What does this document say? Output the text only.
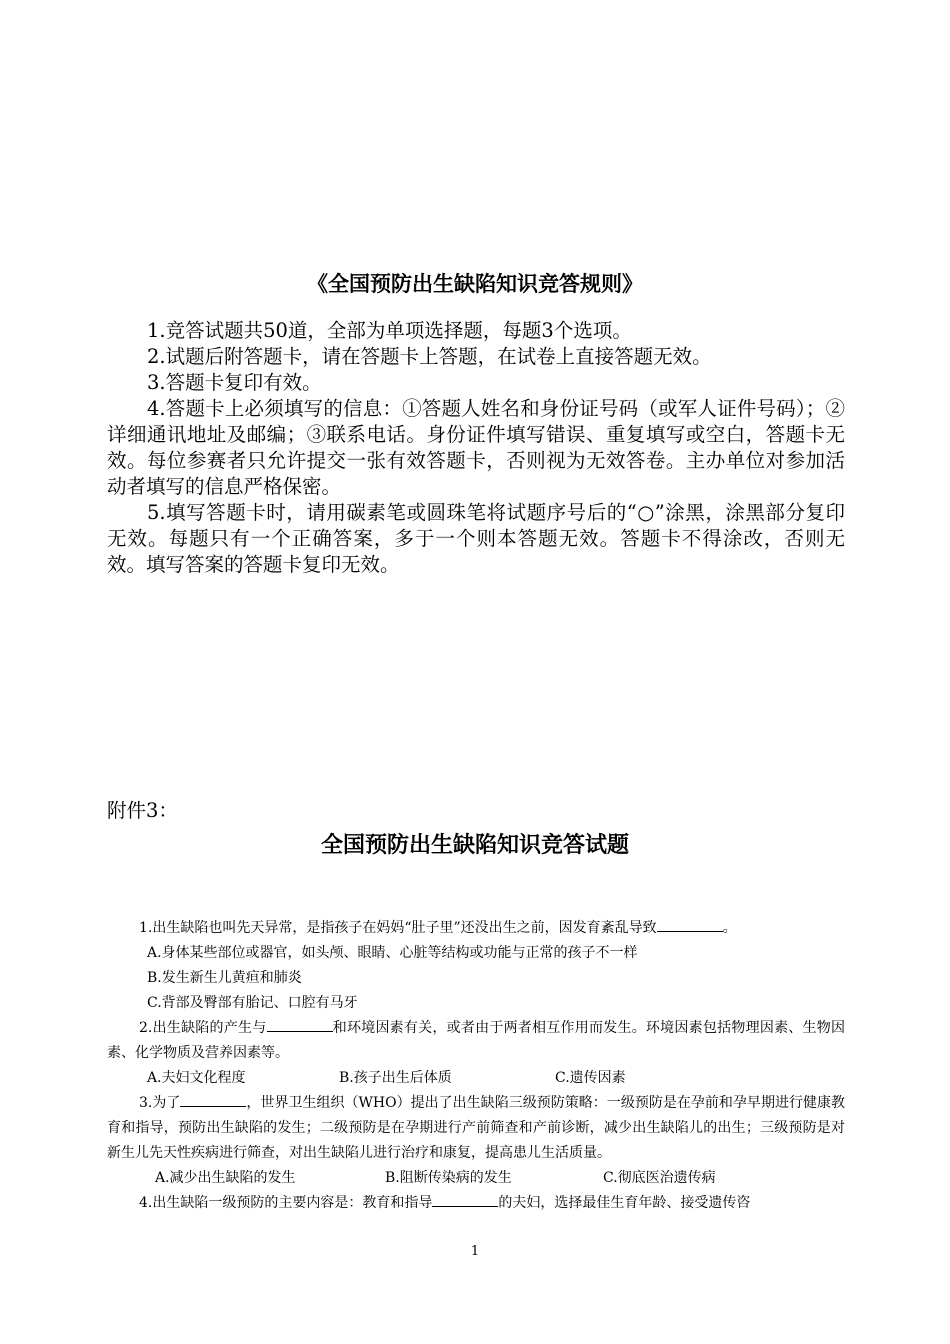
《全国预防出生缺陷知识竞答规则》

1.竞答试题共50道，全部为单项选择题，每题3个选项。

2.试题后附答题卡，请在答题卡上答题，在试卷上直接答题无效。

3.答题卡复印有效。

4.答题卡上必须填写的信息：①答题人姓名和身份证号码（或军人证件号码）；②详细通讯地址及邮编；③联系电话。身份证件填写错误、重复填写或空白，答题卡无效。每位参赛者只允许提交一张有效答题卡，否则视为无效答卷。主办单位对参加活动者填写的信息严格保密。

5.填写答题卡时，请用碳素笔或圆珠笔将试题序号后的“○”涂黑，涂黑部分复印无效。每题只有一个正确答案，多于一个则本答题无效。答题卡不得涂改，否则无效。填写答案的答题卡复印无效。

附件3：
全国预防出生缺陷知识竞答试题

1.出生缺陷也叫先天异常，是指孩子在妈妈“肚子里”还没出生之前，因发育紊乱导致	。

A.身体某些部位或器官，如头颅、眼睛、心脏等结构或功能与正常的孩子不一样

B.发生新生儿黄疸和肺炎

C.背部及臀部有胎记、口腔有马牙

2.出生缺陷的产生与	和环境因素有关，或者由于两者相互作用而发生。环境因素包括物理因素、生物因素、化学物质及营养因素等。

A.夫妇文化程度	B.孩子出生后体质	C.遗传因素

3.为了	，世界卫生组织（WHO）提出了出生缺陷三级预防策略：一级预防是在孕前和孕早期进行健康教育和指导，预防出生缺陷的发生；二级预防是在孕期进行产前筛查和产前诊断，减少出生缺陷儿的出生；三级预防是对新生儿先天性疾病进行筛查，对出生缺陷儿进行治疗和康复，提高患儿生活质量。

A.减少出生缺陷的发生	B.阻断传染病的发生	C.彻底医治遗传病

4.出生缺陷一级预防的主要内容是：教育和指导	的夫妇，选择最佳生育年龄、接受遗传咨

1
